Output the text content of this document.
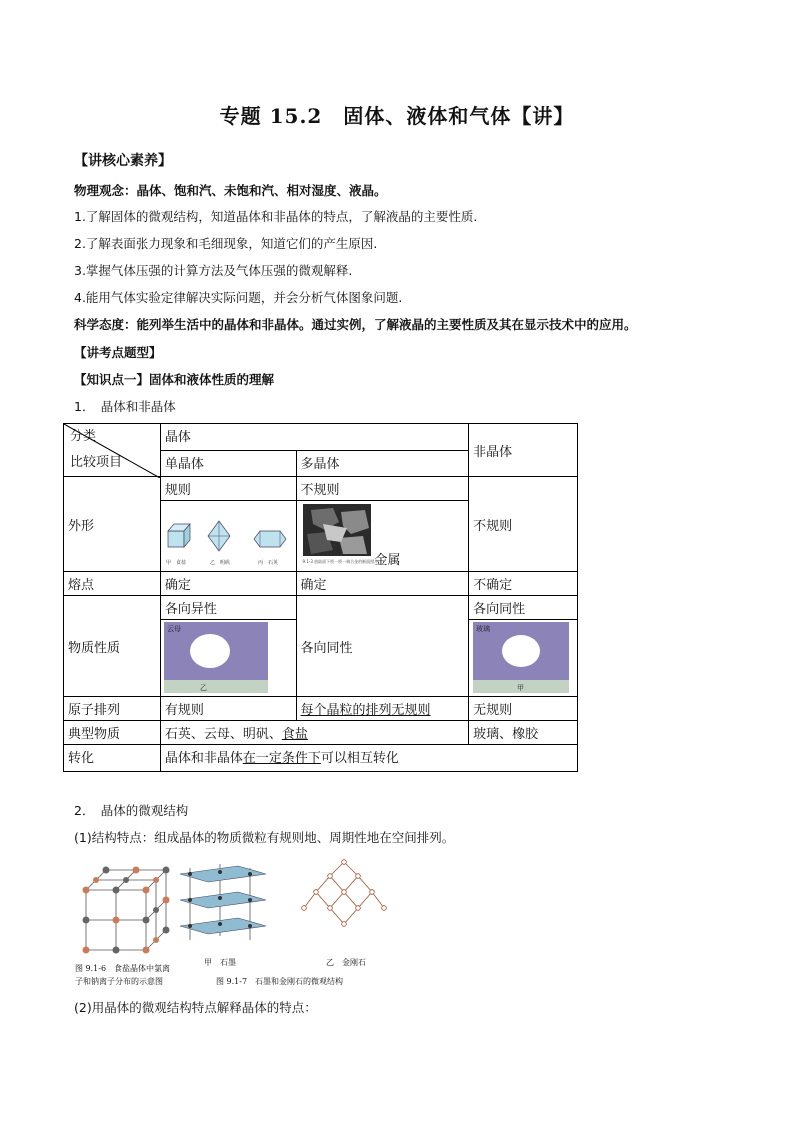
专题 15.2　固体、液体和气体【讲】
【讲核心素养】
物理观念：晶体、饱和汽、未饱和汽、相对湿度、液晶。
1.了解固体的微观结构，知道晶体和非晶体的特点，了解液晶的主要性质.
2.了解表面张力现象和毛细现象，知道它们的产生原因.
3.掌握气体压强的计算方法及气体压强的微观解释.
4.能用气体实验定律解决实际问题，并会分析气体图象问题.
科学态度：能列举生活中的晶体和非晶体。通过实例，了解液晶的主要性质及其在显示技术中的应用。
【讲考点题型】
【知识点一】固体和液体性质的理解
1．　晶体和非晶体
分类
比较项目	晶体		非晶体
	单晶体	多晶体	
外形	规则	不规则	不规则

甲　食盐 乙　明矾 丙　石英	9.1-3 放陆面下桥一桥一端合金的断面照片
金属	

熔点	确定	确定	不确定
物质性质	各向异性	各向同性	各向同性

云母
乙		玻璃
甲

原子排列	有规则	每个晶粒的排列无规则	无规则
典型物质	石英、云母、明矾、食盐		玻璃、橡胶
转化	晶体和非晶体在一定条件下可以相互转化		
2．　晶体的微观结构
(1)结构特点：组成晶体的物质微粒有规则地、周期性地在空间排列。
图 9.1-6　食盐晶体中氯离
子和钠离子分布的示意图
甲　石墨	乙　金刚石
图 9.1-7　石墨和金刚石的微观结构
(2)用晶体的微观结构特点解释晶体的特点：
